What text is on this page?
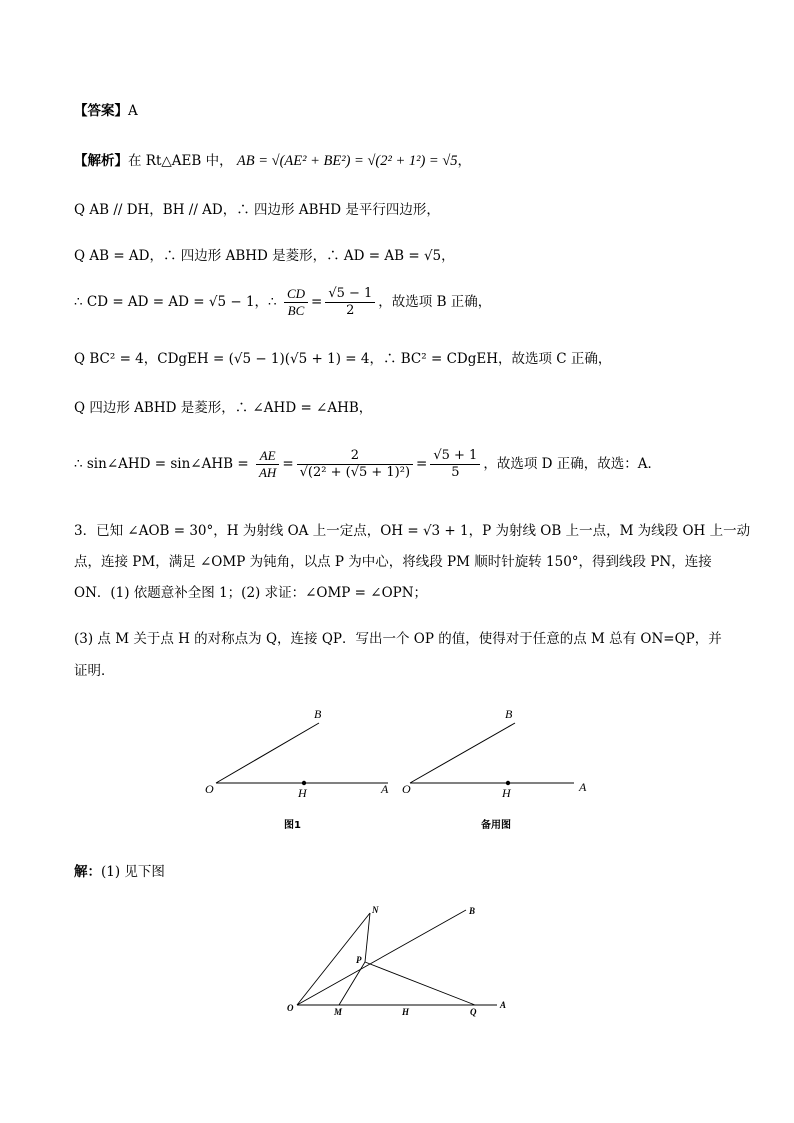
【答案】A
【解析】在 Rt△AEB 中， AB = √(AE² + BE²) = √(2² + 1²) = √5，
Q AB // DH，BH // AD，∴ 四边形 ABHD 是平行四边形，
Q AB = AD，∴ 四边形 ABHD 是菱形，∴ AD = AB = √5，
∴ CD = AD = AD = √5 − 1，∴ $\frac{CD}{BC} = \frac{√5 - 1}{2}$ ，故选项 B 正确，
Q BC² = 4，CDgEH = (√5 − 1)(√5 + 1) = 4，∴ BC² = CDgEH，故选项 C 正确，
Q 四边形 ABHD 是菱形，∴ ∠AHD = ∠AHB，
∴ sin∠AHD = sin∠AHB = $\frac{AE}{AH} = \frac{2}{\text{√(2² + (√5 + 1)²)}} = \frac{√5 + 1}{5}$ ，故选项 D 正确，故选：A．
3．已知 ∠AOB = 30°，H 为射线 OA 上一定点，OH = √3 + 1，P 为射线 OB 上一点，M 为线段 OH 上一动
点，连接 PM，满足 ∠OMP 为钝角，以点 P 为中心，将线段 PM 顺时针旋转 150°，得到线段 PN，连接
ON．(1) 依题意补全图 1；(2) 求证：∠OMP = ∠OPN；
(3) 点 M 关于点 H 的对称点为 Q，连接 QP．写出一个 OP 的值，使得对于任意的点 M 总有 ON=QP，并
证明．
O	H	A
B
图1
O	H	A
B
备用图
解：(1) 见下图
N	B
P
O	M	H	Q
A
